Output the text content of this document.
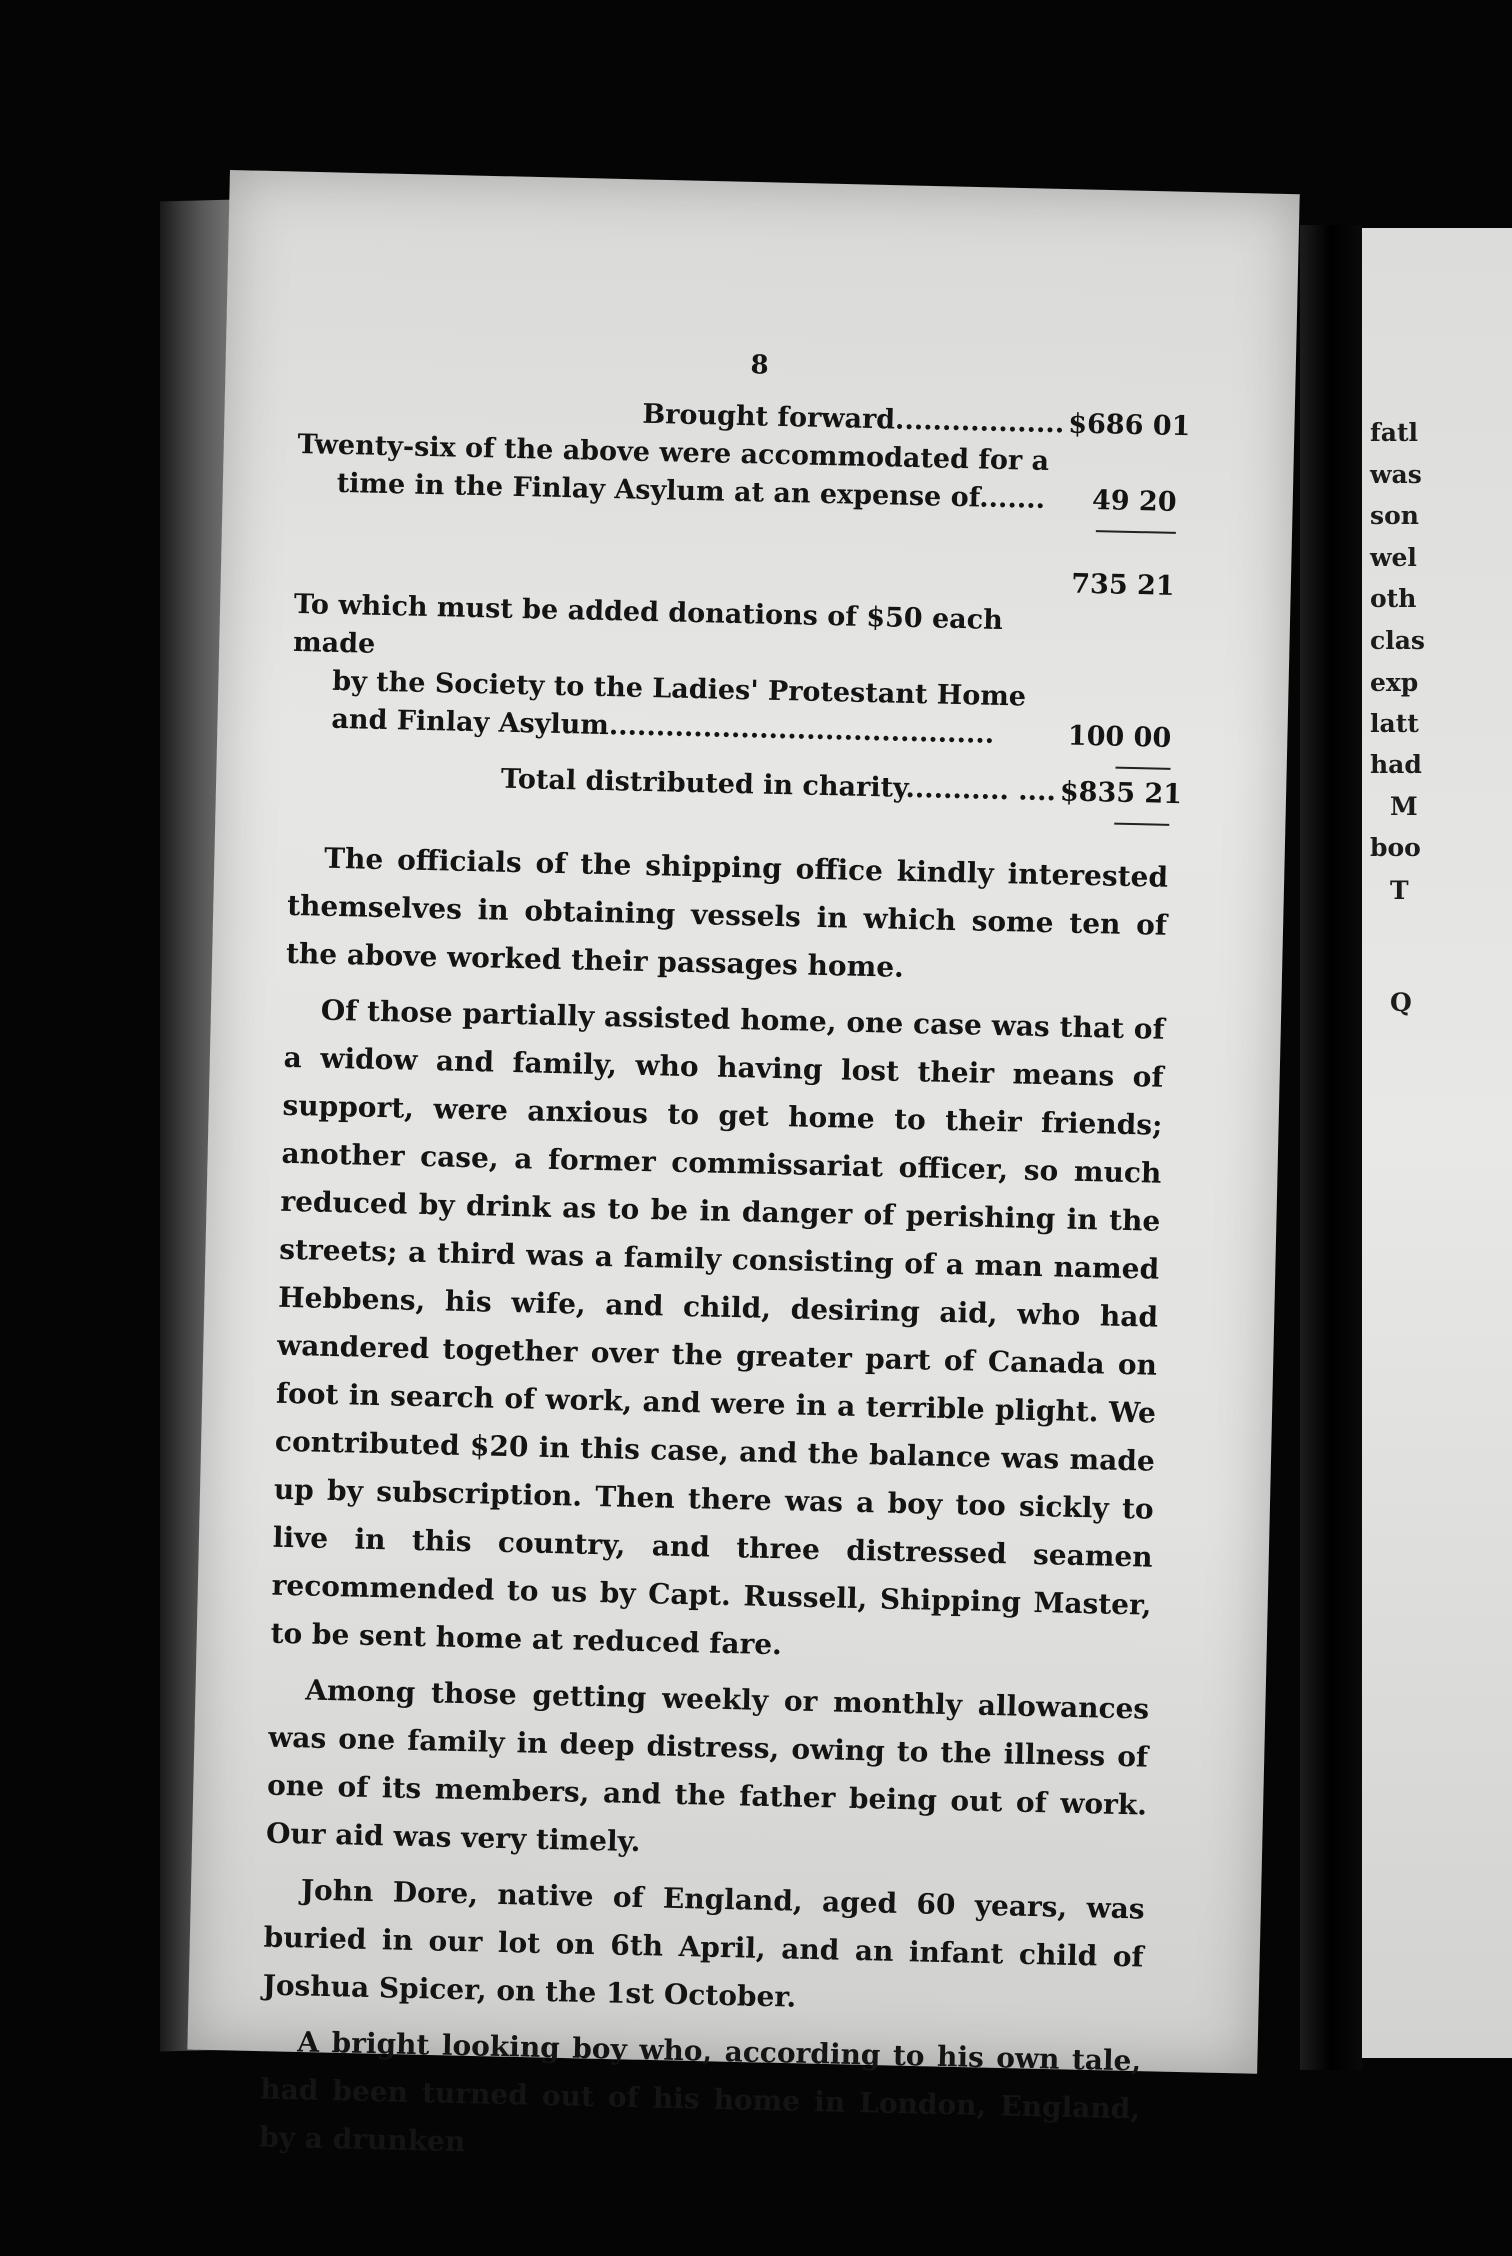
fatl
was
son
wel
oth
clas
exp
latt
had
M
boo
T
Q
8
Brought forward.................. $686 01
Twenty-six of the above were accommodated for a
time in the Finlay Asylum at an expense of.......	49 20
735 21
To which must be added donations of $50 each made
by the Society to the Ladies' Protestant Home
and Finlay Asylum.........................................	100 00
Total distributed in charity........... .... $835 21

The officials of the shipping office kindly interested themselves in obtaining vessels in which some ten of the above worked their passages home.

Of those partially assisted home, one case was that of a widow and family, who having lost their means of support, were anxious to get home to their friends; another case, a former commissariat officer, so much reduced by drink as to be in danger of perishing in the streets; a third was a family consisting of a man named Hebbens, his wife, and child, desiring aid, who had wandered together over the greater part of Canada on foot in search of work, and were in a terrible plight. We contributed $20 in this case, and the balance was made up by subscription. Then there was a boy too sickly to live in this country, and three distressed seamen recommended to us by Capt. Russell, Shipping Master, to be sent home at reduced fare.

Among those getting weekly or monthly allowances was one family in deep distress, owing to the illness of one of its members, and the father being out of work. Our aid was very timely.

John Dore, native of England, aged 60 years, was buried in our lot on 6th April, and an infant child of Joshua Spicer, on the 1st October.

A bright looking boy who, according to his own tale, had been turned out of his home in London, England, by a drunken
